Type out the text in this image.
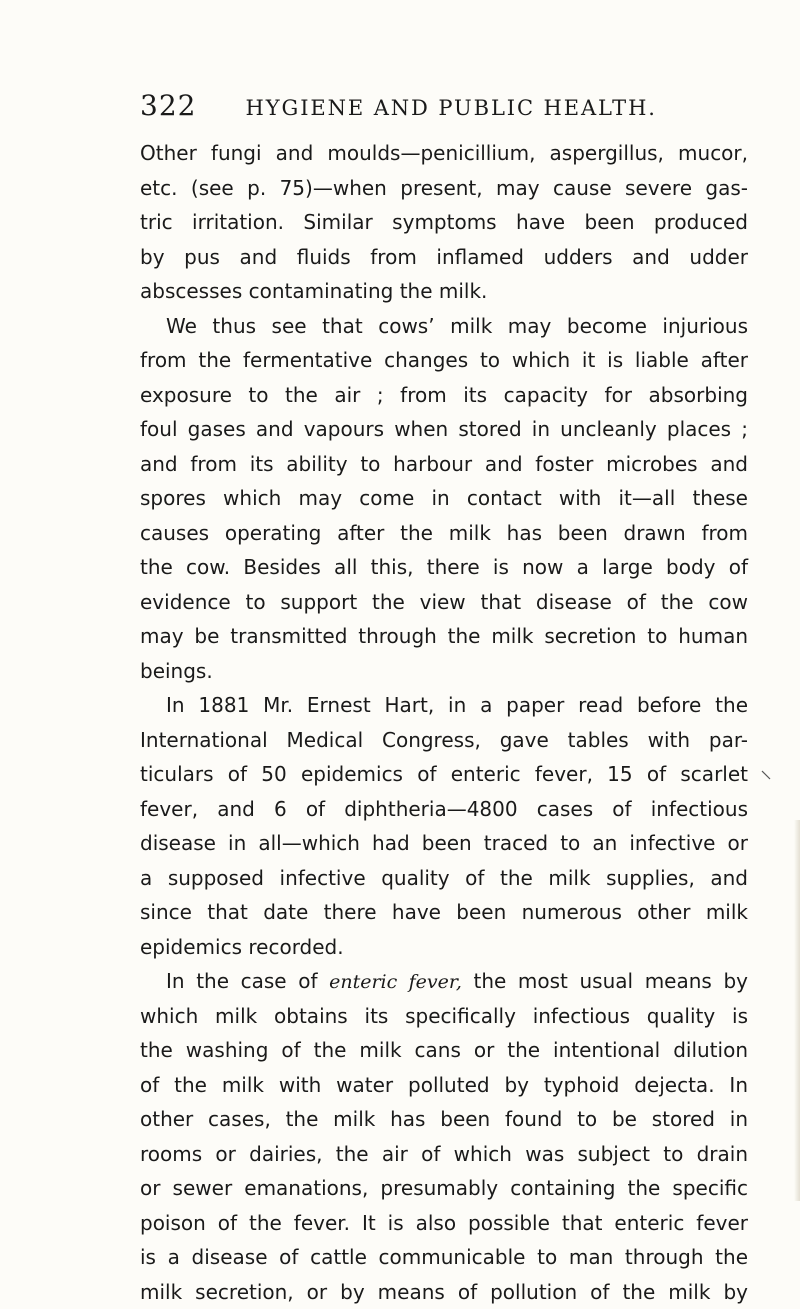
322 HYGIENE AND PUBLIC HEALTH.
Other fungi and moulds—penicillium, aspergillus, mucor,
etc. (see p. 75)—when present, may cause severe gas-
tric irritation. Similar symptoms have been produced
by pus and fluids from inflamed udders and udder
abscesses contaminating the milk.
We thus see that cows’ milk may become injurious
from the fermentative changes to which it is liable after
exposure to the air ; from its capacity for absorbing
foul gases and vapours when stored in uncleanly places ;
and from its ability to harbour and foster microbes and
spores which may come in contact with it—all these
causes operating after the milk has been drawn from
the cow. Besides all this, there is now a large body of
evidence to support the view that disease of the cow
may be transmitted through the milk secretion to human
beings.
In 1881 Mr. Ernest Hart, in a paper read before the
International Medical Congress, gave tables with par-
ticulars of 50 epidemics of enteric fever, 15 of scarlet
fever, and 6 of diphtheria—4800 cases of infectious
disease in all—which had been traced to an infective or
a supposed infective quality of the milk supplies, and
since that date there have been numerous other milk
epidemics recorded.
In the case of enteric fever, the most usual means by
which milk obtains its specifically infectious quality is
the washing of the milk cans or the intentional dilution
of the milk with water polluted by typhoid dejecta. In
other cases, the milk has been found to be stored in
rooms or dairies, the air of which was subject to drain
or sewer emanations, presumably containing the specific
poison of the fever. It is also possible that enteric fever
is a disease of cattle communicable to man through the
milk secretion, or by means of pollution of the milk by
